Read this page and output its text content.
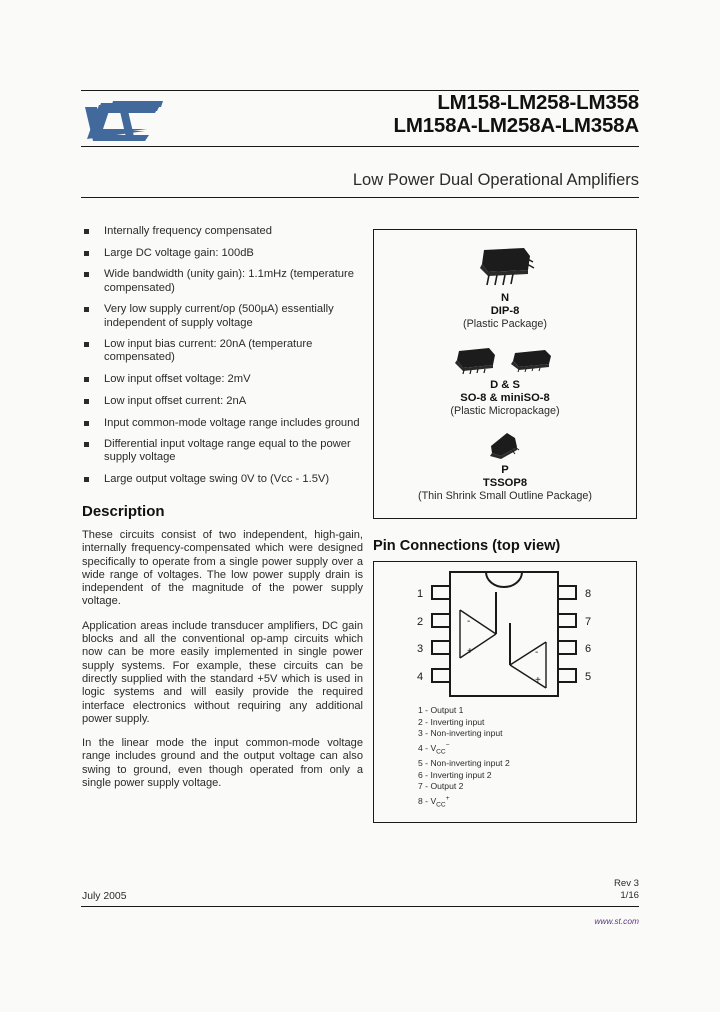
LM158-LM258-LM358
LM158A-LM258A-LM358A
Low Power Dual Operational Amplifiers
Internally frequency compensated
Large DC voltage gain: 100dB
Wide bandwidth (unity gain): 1.1mHz (temperature compensated)
Very low supply current/op (500µA) essentially independent of supply voltage
Low input bias current: 20nA (temperature compensated)
Low input offset voltage: 2mV
Low input offset current: 2nA
Input common-mode voltage range includes ground
Differential input voltage range equal to the power supply voltage
Large output voltage swing 0V to (Vcc - 1.5V)
Description

These circuits consist of two independent, high-gain, internally frequency-compensated which were designed specifically to operate from a single power supply over a wide range of voltages. The low power supply drain is independent of the magnitude of the power supply voltage.

Application areas include transducer amplifiers, DC gain blocks and all the conventional op-amp circuits which now can be more easily implemented in single power supply systems. For example, these circuits can be directly supplied with the standard +5V which is used in logic systems and will easily provide the required interface electronics without requiring any additional power supply.

In the linear mode the input common-mode voltage range includes ground and the output voltage can also swing to ground, even though operated from only a single power supply voltage.

N
DIP-8
(Plastic Package)
D & S
SO-8 & miniSO-8
(Plastic Micropackage)
P
TSSOP8
(Thin Shrink Small Outline Package)
Pin Connections (top view)
1
2
3
4
8
7
6
5
-
+	-
+
1 - Output 1
2 - Inverting input
3 - Non-inverting input
$4 - V_{CC}^-$
5 - Non-inverting input 2
6 - Inverting input 2
7 - Output 2
$8 - V_{CC}^+$
Rev 3
1/16
July 2005
www.st.com
